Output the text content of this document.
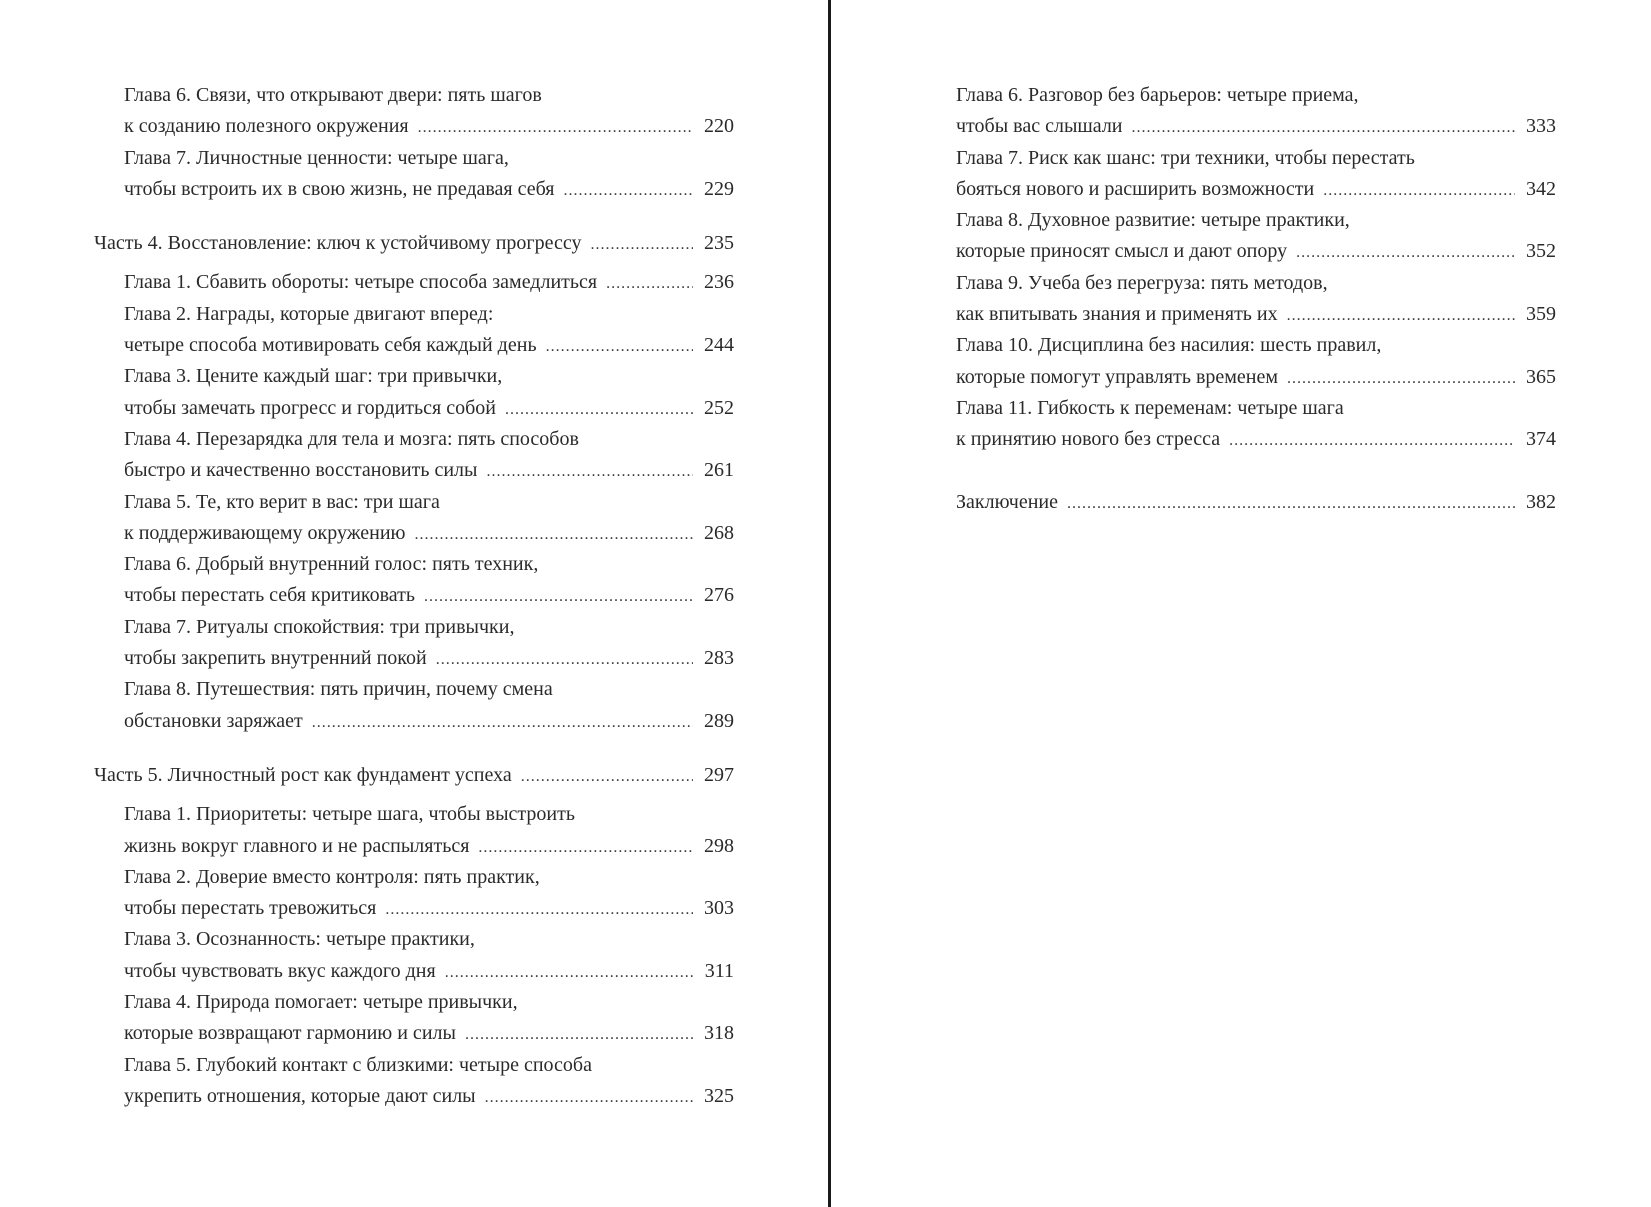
Глава 6. Связи, что открывают двери: пять шагов
к созданию полезного окружения .....	220
Глава 7. Личностные ценности: четыре шага,
чтобы встроить их в свою жизнь, не предавая себя .....	229
Часть 4. Восстановление: ключ к устойчивому прогрессу .....	235
Глава 1. Сбавить обороты: четыре способа замедлиться .....	236
Глава 2. Награды, которые двигают вперед:
четыре способа мотивировать себя каждый день .....	244
Глава 3. Цените каждый шаг: три привычки,
чтобы замечать прогресс и гордиться собой .....	252
Глава 4. Перезарядка для тела и мозга: пять способов
быстро и качественно восстановить силы .....	261
Глава 5. Те, кто верит в вас: три шага
к поддерживающему окружению .....	268
Глава 6. Добрый внутренний голос: пять техник,
чтобы перестать себя критиковать .....	276
Глава 7. Ритуалы спокойствия: три привычки,
чтобы закрепить внутренний покой .....	283
Глава 8. Путешествия: пять причин, почему смена
обстановки заряжает .....	289
Часть 5. Личностный рост как фундамент успеха .....	297
Глава 1. Приоритеты: четыре шага, чтобы выстроить
жизнь вокруг главного и не распыляться .....	298
Глава 2. Доверие вместо контроля: пять практик,
чтобы перестать тревожиться .....	303
Глава 3. Осознанность: четыре практики,
чтобы чувствовать вкус каждого дня .....	311
Глава 4. Природа помогает: четыре привычки,
которые возвращают гармонию и силы .....	318
Глава 5. Глубокий контакт с близкими: четыре способа
укрепить отношения, которые дают силы .....	325
Глава 6. Разговор без барьеров: четыре приема,
чтобы вас слышали .....	333
Глава 7. Риск как шанс: три техники, чтобы перестать
бояться нового и расширить возможности .....	342
Глава 8. Духовное развитие: четыре практики,
которые приносят смысл и дают опору .....	352
Глава 9. Учеба без перегруза: пять методов,
как впитывать знания и применять их .....	359
Глава 10. Дисциплина без насилия: шесть правил,
которые помогут управлять временем .....	365
Глава 11. Гибкость к переменам: четыре шага
к принятию нового без стресса .....	374
Заключение .....	382
